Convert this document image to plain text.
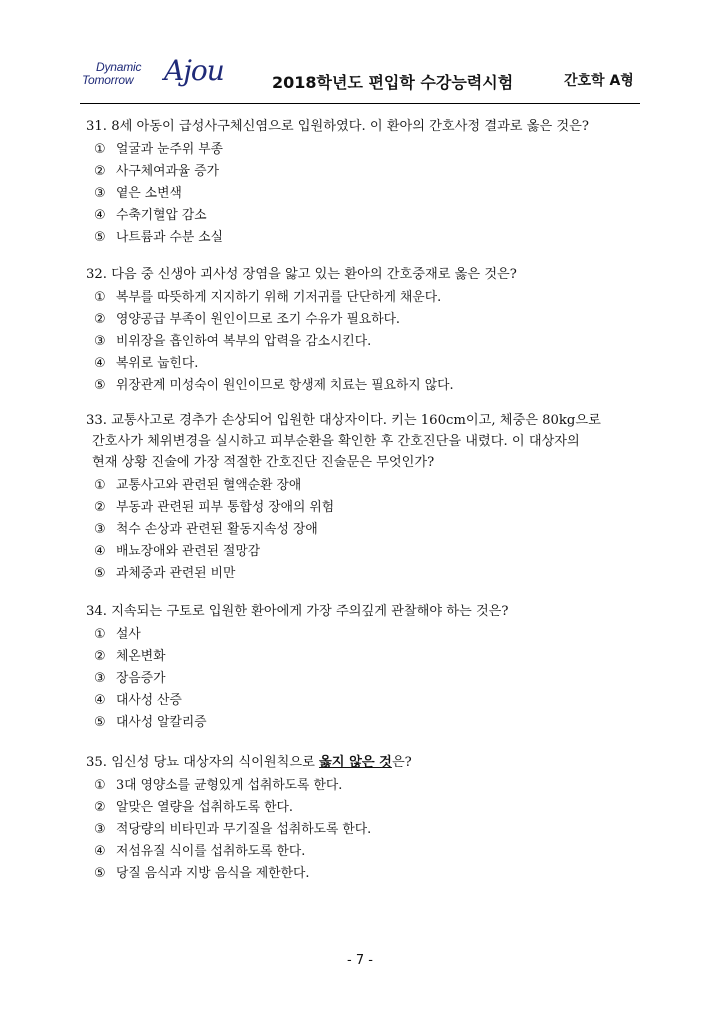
Dynamic
Tomorrow Ajou	2018학년도 편입학 수강능력시험	간호학 A형
31. 8세 아동이 급성사구체신염으로 입원하였다. 이 환아의 간호사정 결과로 옳은 것은?
① 얼굴과 눈주위 부종
② 사구체여과율 증가
③ 옅은 소변색
④ 수축기혈압 감소
⑤ 나트륨과 수분 소실
32. 다음 중 신생아 괴사성 장염을 앓고 있는 환아의 간호중재로 옳은 것은?
① 복부를 따뜻하게 지지하기 위해 기저귀를 단단하게 채운다.
② 영양공급 부족이 원인이므로 조기 수유가 필요하다.
③ 비위장을 흡인하여 복부의 압력을 감소시킨다.
④ 복위로 눕힌다.
⑤ 위장관계 미성숙이 원인이므로 항생제 치료는 필요하지 않다.
33. 교통사고로 경추가 손상되어 입원한 대상자이다. 키는 160cm이고, 체중은 80kg으로
간호사가 체위변경을 실시하고 피부순환을 확인한 후 간호진단을 내렸다. 이 대상자의
현재 상황 진술에 가장 적절한 간호진단 진술문은 무엇인가?
① 교통사고와 관련된 혈액순환 장애
② 부동과 관련된 피부 통합성 장애의 위험
③ 척수 손상과 관련된 활동지속성 장애
④ 배뇨장애와 관련된 절망감
⑤ 과체중과 관련된 비만
34. 지속되는 구토로 입원한 환아에게 가장 주의깊게 관찰해야 하는 것은?
① 설사
② 체온변화
③ 장음증가
④ 대사성 산증
⑤ 대사성 알칼리증
35. 임신성 당뇨 대상자의 식이원칙으로 옳지 않은 것은?
① 3대 영양소를 균형있게 섭취하도록 한다.
② 알맞은 열량을 섭취하도록 한다.
③ 적당량의 비타민과 무기질을 섭취하도록 한다.
④ 저섬유질 식이를 섭취하도록 한다.
⑤ 당질 음식과 지방 음식을 제한한다.
- 7 -
